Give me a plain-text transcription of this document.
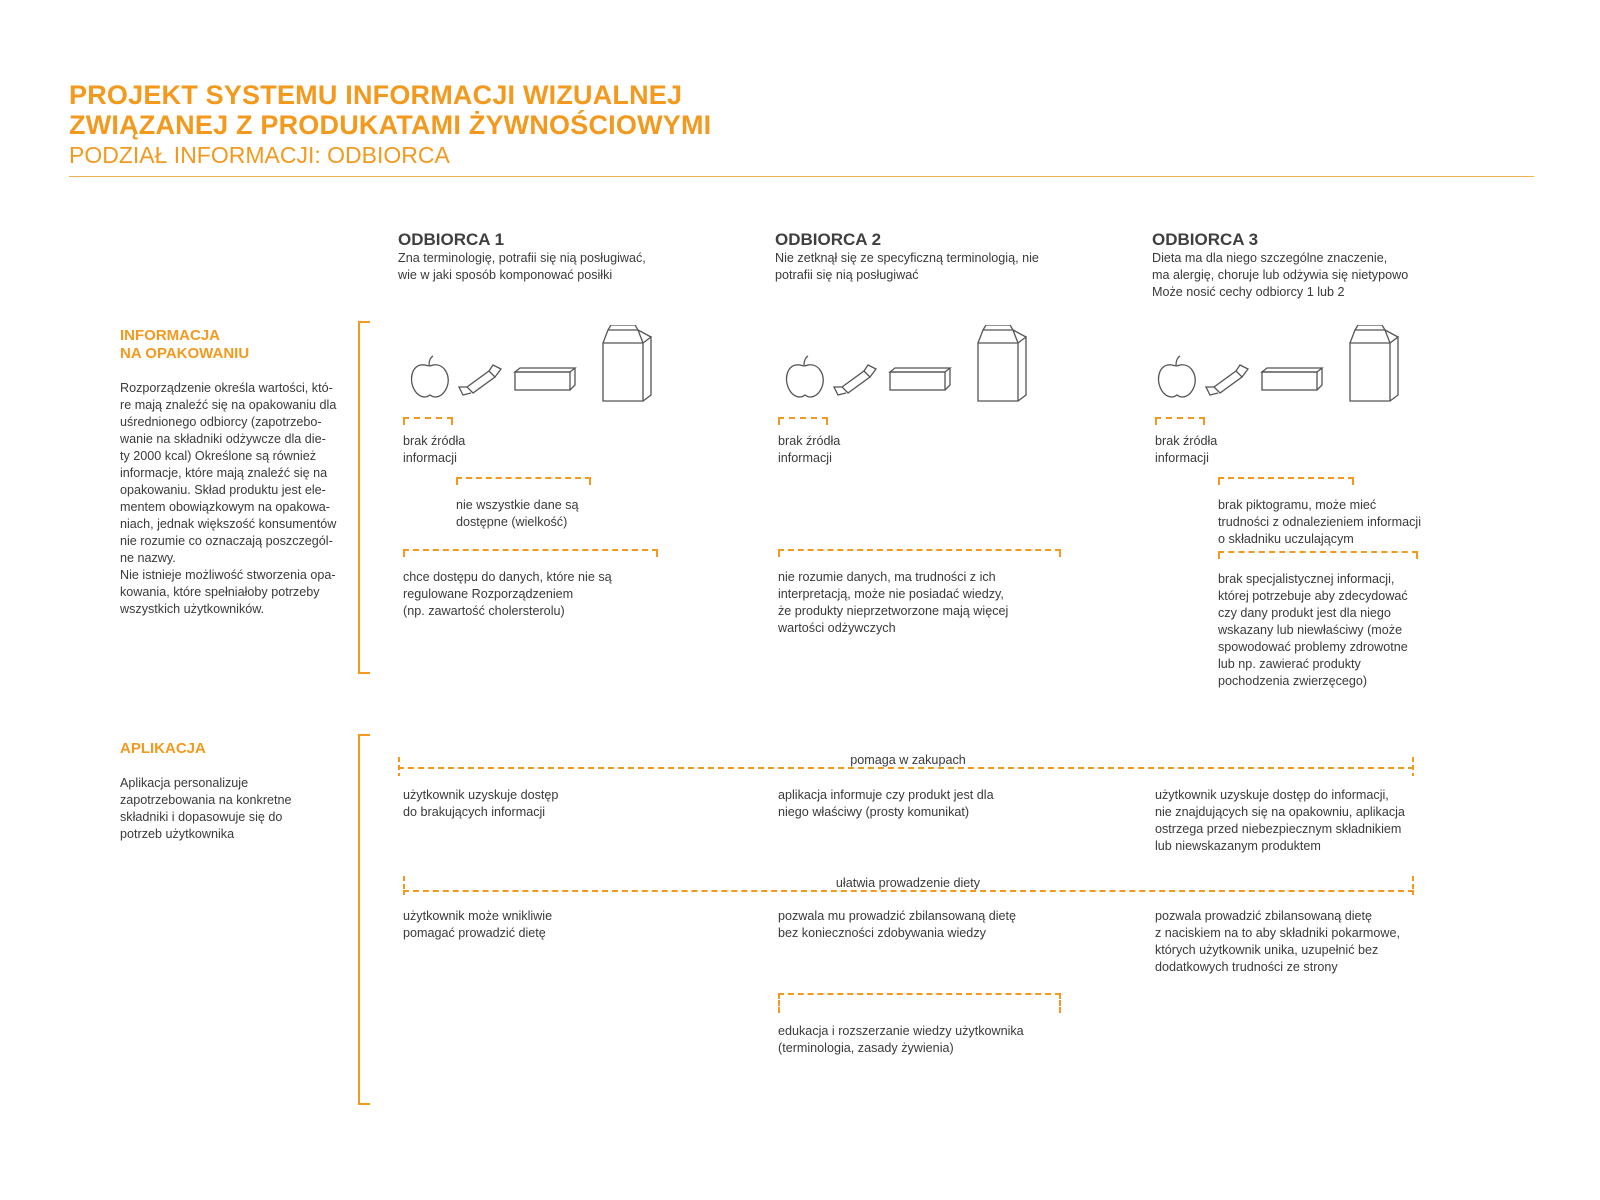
PROJEKT SYSTEMU INFORMACJI WIZUALNEJ
ZWIĄZANEJ Z PRODUKATAMI ŻYWNOŚCIOWYMI
PODZIAŁ INFORMACJI: ODBIORCA
ODBIORCA 1
Zna terminologię, potrafii się nią posługiwać,
wie w jaki sposób komponować posiłki
ODBIORCA 2
Nie zetknął się ze specyficzną terminologią, nie
potrafii się nią posługiwać
ODBIORCA 3
Dieta ma dla niego szczególne znaczenie,
ma alergię, choruje lub odżywia się nietypowo
Może nosić cechy odbiorcy 1 lub 2
INFORMACJA
NA OPAKOWANIU
Rozporządzenie określa wartości, któ-
re mają znaleźć się na opakowaniu dla
uśrednionego odbiorcy (zapotrzebo-
wanie na składniki odżywcze dla die-
ty 2000 kcal) Określone są również
informacje, które mają znaleźć się na
opakowaniu. Skład produktu jest ele-
mentem obowiązkowym na opakowa-
niach, jednak większość konsumentów
nie rozumie co oznaczają poszczegól-
ne nazwy.
Nie istnieje możliwość stworzenia opa-
kowania, które spełniałoby potrzeby
wszystkich użytkowników.
brak źródła
informacji
nie wszystkie dane są
dostępne (wielkość)
chce dostępu do danych, które nie są
regulowane Rozporządzeniem
(np. zawartość cholersterolu)
brak źródła
informacji
nie rozumie danych, ma trudności z ich
interpretacją, może nie posiadać wiedzy,
że produkty nieprzetworzone mają więcej
wartości odżywczych
brak źródła
informacji
brak piktogramu, może mieć
trudności z odnalezieniem informacji
o składniku uczulającym
brak specjalistycznej informacji,
której potrzebuje aby zdecydować
czy dany produkt jest dla niego
wskazany lub niewłaściwy (może
spowodować problemy zdrowotne
lub np. zawierać produkty
pochodzenia zwierzęcego)
APLIKACJA
Aplikacja personalizuje
zapotrzebowania na konkretne
składniki i dopasowuje się do
potrzeb użytkownika
pomaga w zakupach
użytkownik uzyskuje dostęp
do brakujących informacji
aplikacja informuje czy produkt jest dla
niego właściwy (prosty komunikat)
użytkownik uzyskuje dostęp do informacji,
nie znajdujących się na opakowniu, aplikacja
ostrzega przed niebezpiecznym składnikiem
lub niewskazanym produktem
ułatwia prowadzenie diety
użytkownik może wnikliwie
pomagać prowadzić dietę
pozwala mu prowadzić zbilansowaną dietę
bez konieczności zdobywania wiedzy
pozwala prowadzić zbilansowaną dietę
z naciskiem na to aby składniki pokarmowe,
których użytkownik unika, uzupełnić bez
dodatkowych trudności ze strony
edukacja i rozszerzanie wiedzy użytkownika
(terminologia, zasady żywienia)
